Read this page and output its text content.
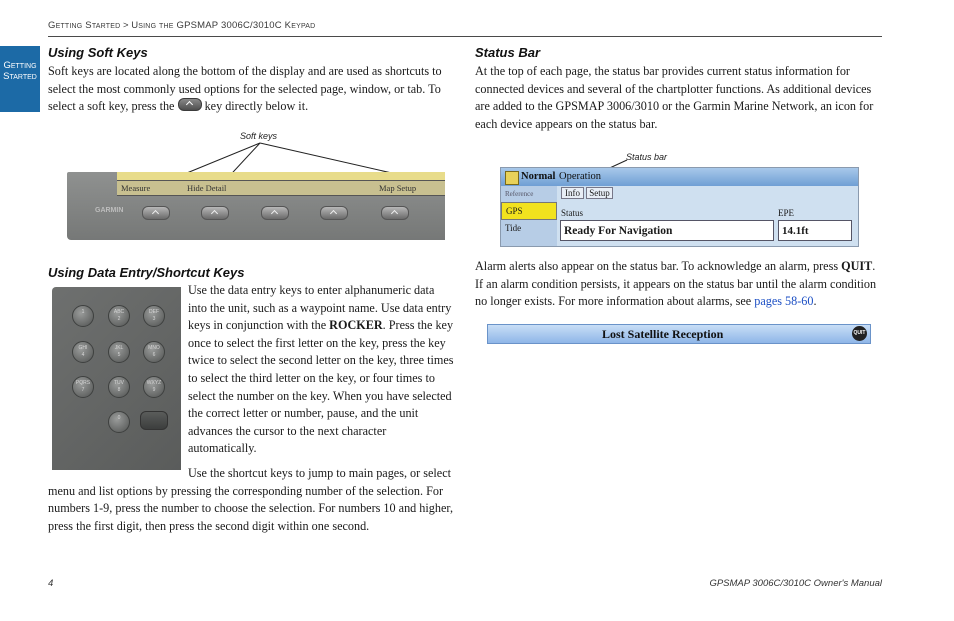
Getting Started > Using the GPSMAP 3006C/3010C Keypad
Getting
Started
Using Soft Keys
Soft keys are located along the bottom of the display and are used as shortcuts to select the most commonly used options for the selected page, window, or tab. To select a soft key, press the key directly below it.
Soft keys
Measure	Hide Detail	Map Setup
GARMIN
Using Data Entry/Shortcut Keys
1	ABC
2
DEF
3
GHI
4
JKL
5
MNO
6
PQRS
7
TUV
8
WXYZ
9
0
Use the data entry keys to enter alphanumeric data into the unit, such as a waypoint name. Use data entry keys in conjunction with the ROCKER. Press the key once to select the first letter on the key, press the key twice to select the second letter on the key, three times to select the third letter on the key, or four times to select the number on the key. When you have selected the correct letter or number, pause, and the unit advances the cursor to the next character automatically.
Use the shortcut keys to jump to main pages, or select menu and list options by pressing the corresponding number of the selection. For numbers 1-9, press the number to choose the selection. For numbers 10 and higher, press the first digit, then press the second digit within one second.
Status Bar
At the top of each page, the status bar provides current status information for connected devices and several of the chartplotter functions. As additional devices are added to the GPSMAP 3006/3010 or the Garmin Marine Network, an icon for each device appears on the status bar.
Status bar
Normal Operation
Reference
GPS
Tide
Info Setup
Status	EPE
Ready For Navigation	14.1ft
Alarm alerts also appear on the status bar. To acknowledge an alarm, press QUIT. If an alarm condition persists, it appears on the status bar until the alarm condition no longer exists. For more information about alarms, see pages 58-60.
Lost Satellite Reception	QUIT
4	GPSMAP 3006C/3010C Owner's Manual
